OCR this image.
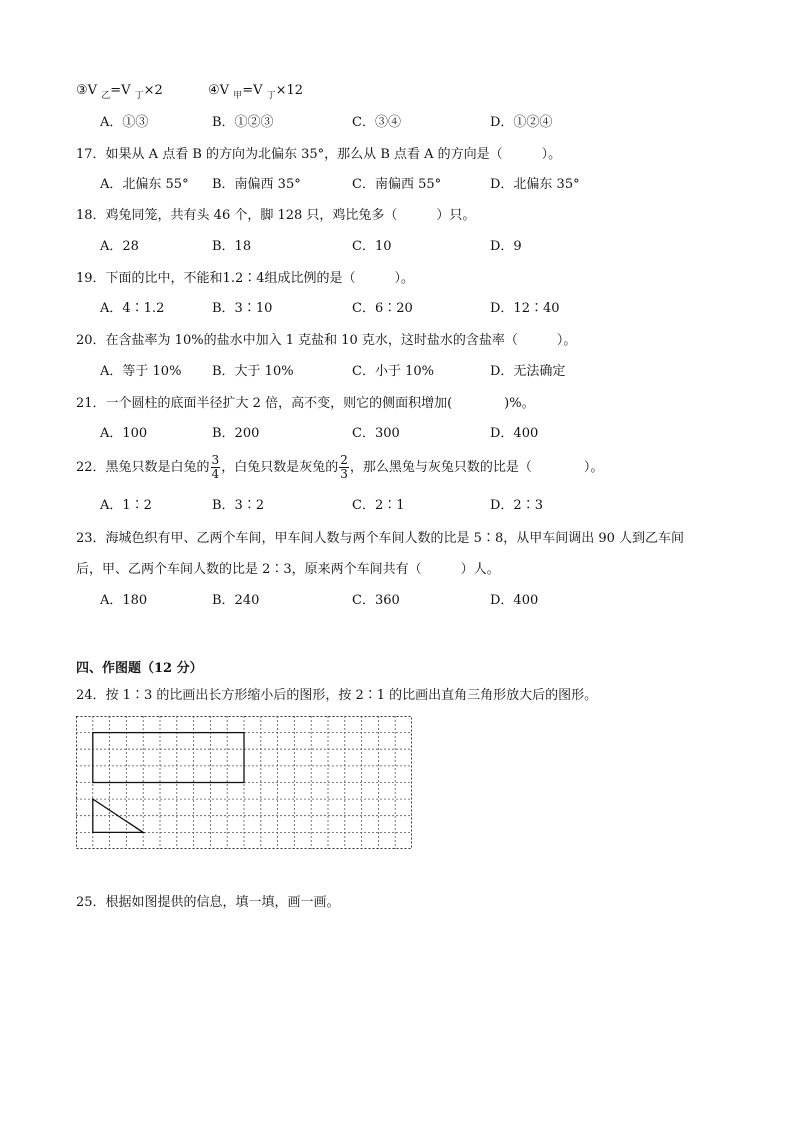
③V $_乙$=V $_丁$×2	④V $_甲$=V $_丁$×12
A．①③	B．①②③	C．③④	D．①②④
17．如果从 A 点看 B 的方向为北偏东 35°，那么从 B 点看 A 的方向是（　　　）。
A．北偏东 55° B．南偏西 35°	C．南偏西 55°	D．北偏东 35°
18．鸡兔同笼，共有头 46 个，脚 128 只，鸡比兔多（　　　）只。
A．28	B．18	C．10	D．9
19．下面的比中，不能和1.2∶4组成比例的是（　　　）。
A．4∶1.2	B．3∶10	C．6∶20	D．12∶40
20．在含盐率为 10%的盐水中加入 1 克盐和 10 克水，这时盐水的含盐率（　　　）。
A．等于 10% B．大于 10%	C．小于 10%	D．无法确定
21．一个圆柱的底面半径扩大 2 倍，高不变，则它的侧面积增加(　　　　)%。
A．100	B．200	C．300	D．400
22．黑兔只数是白兔的 $\frac{3}{4}$ ，白兔只数是灰兔的 $\frac{2}{3}$ ，那么黑兔与灰兔只数的比是（　　　　）。
A．1∶2	B．3∶2	C．2∶1	D．2∶3
23．海城色织有甲、乙两个车间，甲车间人数与两个车间人数的比是 5∶8，从甲车间调出 90 人到乙车间
后，甲、乙两个车间人数的比是 2∶3，原来两个车间共有（　　　）人。
A．180	B．240	C．360	D．400
四、作图题（12 分）
24．按 1∶3 的比画出长方形缩小后的图形，按 2∶1 的比画出直角三角形放大后的图形。
25．根据如图提供的信息，填一填，画一画。
